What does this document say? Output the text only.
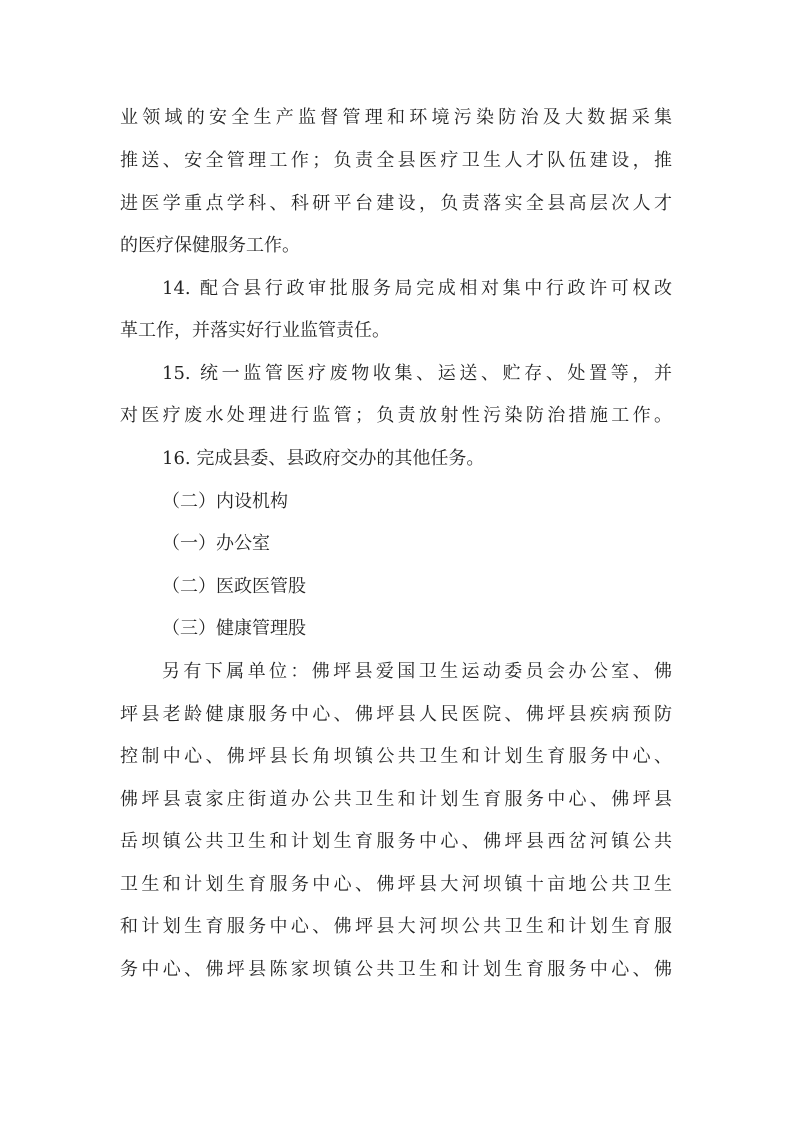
业领域的安全生产监督管理和环境污染防治及大数据采集
推送、安全管理工作；负责全县医疗卫生人才队伍建设，推
进医学重点学科、科研平台建设，负责落实全县高层次人才
的医疗保健服务工作。
14. 配合县行政审批服务局完成相对集中行政许可权改
革工作，并落实好行业监管责任。
15. 统一监管医疗废物收集、运送、贮存、处置等，并
对医疗废水处理进行监管；负责放射性污染防治措施工作。
16. 完成县委、县政府交办的其他任务。
（二）内设机构
（一）办公室
（二）医政医管股
（三）健康管理股
另有下属单位：佛坪县爱国卫生运动委员会办公室、佛
坪县老龄健康服务中心、佛坪县人民医院、佛坪县疾病预防
控制中心、佛坪县长角坝镇公共卫生和计划生育服务中心、
佛坪县袁家庄街道办公共卫生和计划生育服务中心、佛坪县
岳坝镇公共卫生和计划生育服务中心、佛坪县西岔河镇公共
卫生和计划生育服务中心、佛坪县大河坝镇十亩地公共卫生
和计划生育服务中心、佛坪县大河坝公共卫生和计划生育服
务中心、佛坪县陈家坝镇公共卫生和计划生育服务中心、佛
